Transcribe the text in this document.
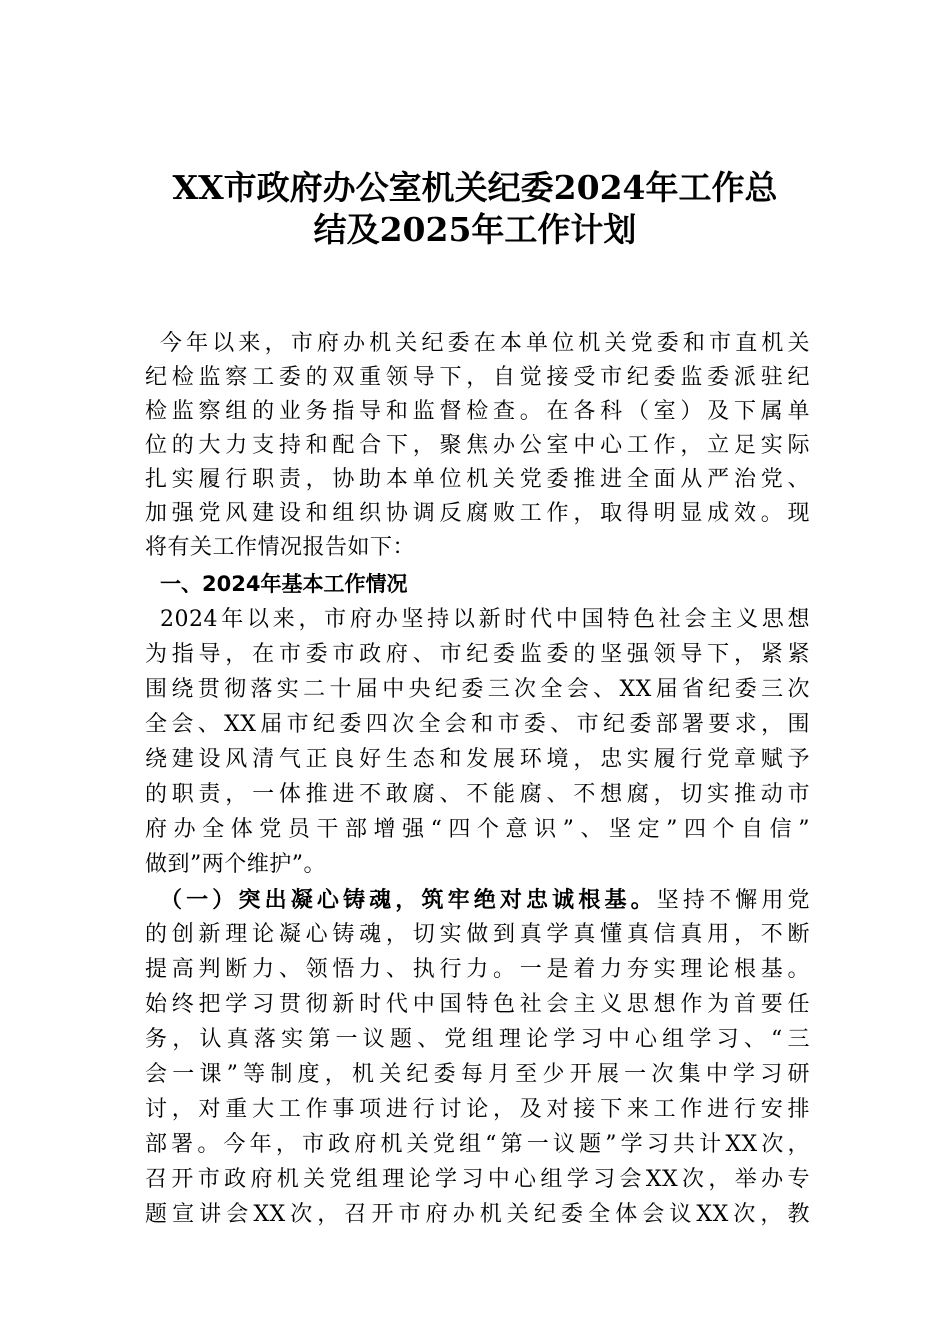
XX市政府办公室机关纪委2024年工作总
结及2025年工作计划

今年以来，市府办机关纪委在本单位机关党委和市直机关

纪检监察工委的双重领导下，自觉接受市纪委监委派驻纪

检监察组的业务指导和监督检查。在各科（室）及下属单

位的大力支持和配合下，聚焦办公室中心工作，立足实际

扎实履行职责，协助本单位机关党委推进全面从严治党、

加强党风建设和组织协调反腐败工作，取得明显成效。现

将有关工作情况报告如下：

一、2024年基本工作情况

2024年以来，市府办坚持以新时代中国特色社会主义思想

为指导，在市委市政府、市纪委监委的坚强领导下，紧紧

围绕贯彻落实二十届中央纪委三次全会、XX届省纪委三次

全会、XX届市纪委四次全会和市委、市纪委部署要求，围

绕建设风清气正良好生态和发展环境，忠实履行党章赋予

的职责，一体推进不敢腐、不能腐、不想腐，切实推动市

府办全体党员干部增强“四个意识”、坚定”四个自信”

做到”两个维护”。

（一）突出凝心铸魂，筑牢绝对忠诚根基。坚持不懈用党

的创新理论凝心铸魂，切实做到真学真懂真信真用，不断

提高判断力、领悟力、执行力。一是着力夯实理论根基。

始终把学习贯彻新时代中国特色社会主义思想作为首要任

务，认真落实第一议题、党组理论学习中心组学习、“三

会一课”等制度，机关纪委每月至少开展一次集中学习研

讨，对重大工作事项进行讨论，及对接下来工作进行安排

部署。今年，市政府机关党组“第一议题”学习共计XX次，

召开市政府机关党组理论学习中心组学习会XX次，举办专

题宣讲会XX次，召开市府办机关纪委全体会议XX次，教
